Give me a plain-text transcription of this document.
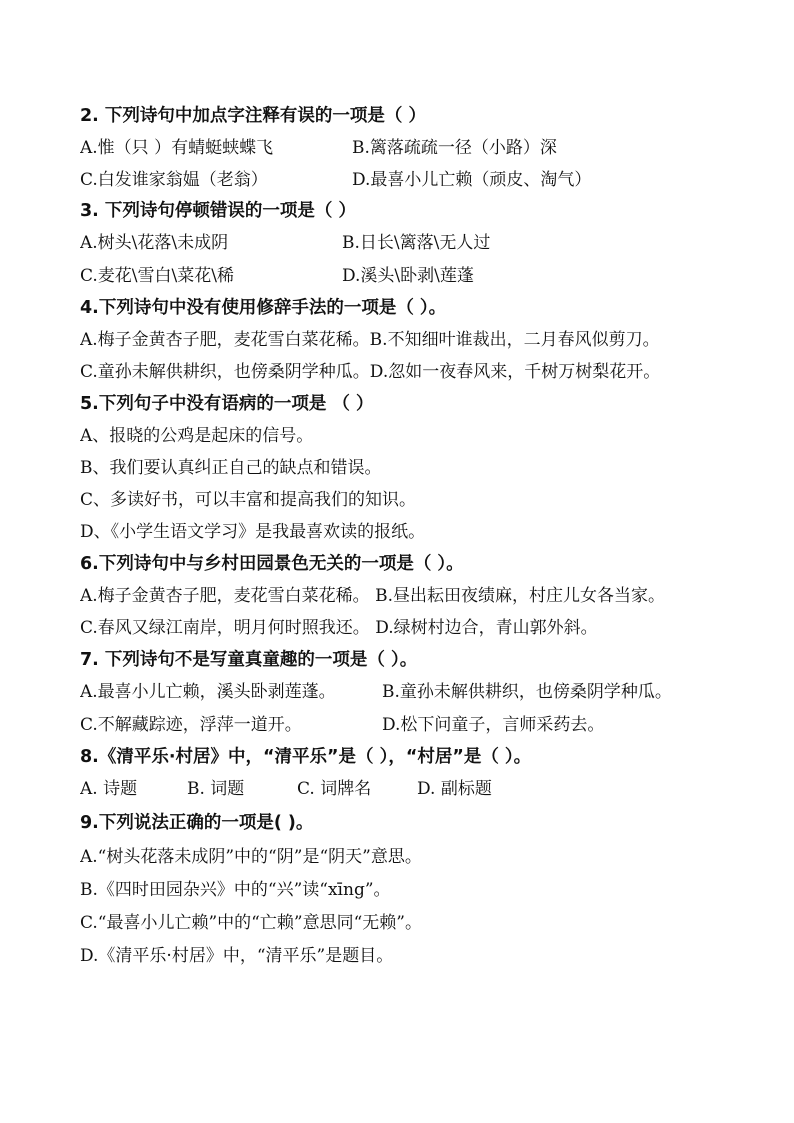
2. 下列诗句中加点字注释有误的一项是（ ）
A.惟（只 ）有蜻蜓蛱蝶飞	B.篱落疏疏一径（小路）深
C.白发谁家翁媪（老翁）	D.最喜小儿亡赖（顽皮、淘气）
3. 下列诗句停顿错误的一项是（ ）
A.树头\花落\未成阴	B.日长\篱落\无人过
C.麦花\雪白\菜花\稀	D.溪头\卧剥\莲蓬
4.下列诗句中没有使用修辞手法的一项是（ ）。
A.梅子金黄杏子肥，麦花雪白菜花稀。B.不知细叶谁裁出，二月春风似剪刀。
C.童孙未解供耕织，也傍桑阴学种瓜。D.忽如一夜春风来，千树万树梨花开。
5.下列句子中没有语病的一项是 （ ）
A、报晓的公鸡是起床的信号。
B、我们要认真纠正自己的缺点和错误。
C、多读好书，可以丰富和提高我们的知识。
D、《小学生语文学习》是我最喜欢读的报纸。
6.下列诗句中与乡村田园景色无关的一项是（ ）。
A.梅子金黄杏子肥，麦花雪白菜花稀。 B.昼出耘田夜绩麻，村庄儿女各当家。
C.春风又绿江南岸，明月何时照我还。 D.绿树村边合，青山郭外斜。
7. 下列诗句不是写童真童趣的一项是（ ）。
A.最喜小儿亡赖，溪头卧剥莲蓬。	B.童孙未解供耕织，也傍桑阴学种瓜。
C.不解藏踪迹，浮萍一道开。	D.松下问童子，言师采药去。
8.《清平乐·村居》中，“清平乐”是（ ），“村居”是（ ）。
A. 诗题	B. 词题	C. 词牌名	D. 副标题
9.下列说法正确的一项是( )。
A.“树头花落未成阴”中的“阴”是“阴天”意思。
B.《四时田园杂兴》中的“兴”读“xīng”。
C.“最喜小儿亡赖”中的“亡赖”意思同“无赖”。
D.《清平乐·村居》中，“清平乐”是题目。
